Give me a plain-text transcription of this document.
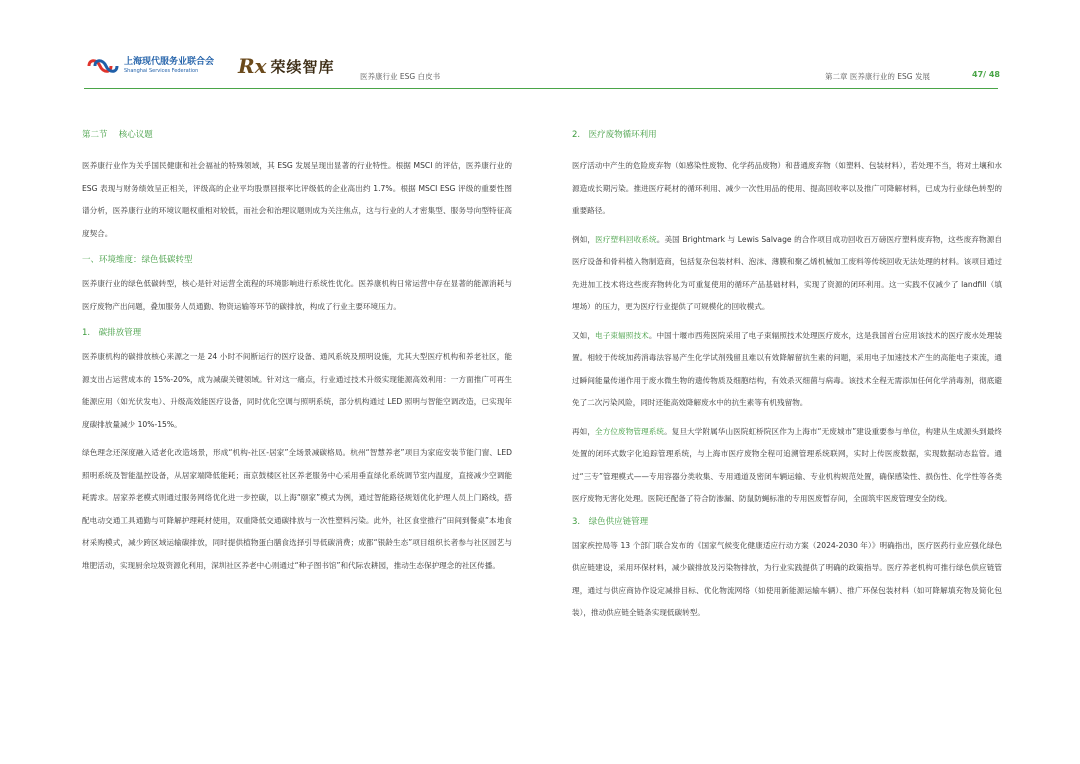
上海现代服务业联合会
Shanghai Services Federation	Rx 荣续智库
医养康行业 ESG 白皮书	第二章 医养康行业的 ESG 发展	47/ 48
第二节　 核心议题

医养康行业作为关乎国民健康和社会福祉的特殊领域，其 ESG 发展呈现出显著的行业特性。根据 MSCI 的评估，医养康行业的 ESG 表现与财务绩效呈正相关，评级高的企业平均股票回报率比评级低的企业高出约 1.7%。根据 MSCI ESG 评级的重要性图谱分析，医养康行业的环境议题权重相对较低，而社会和治理议题则成为关注焦点，这与行业的人才密集型、服务导向型特征高度契合。

一、环境维度：绿色低碳转型

医养康行业的绿色低碳转型，核心是针对运营全流程的环境影响进行系统性优化。医养康机构日常运营中存在显著的能源消耗与医疗废物产出问题，叠加服务人员通勤、物资运输等环节的碳排放，构成了行业主要环境压力。

1.　碳排放管理

医养康机构的碳排放核心来源之一是 24 小时不间断运行的医疗设备、通风系统及照明设施，尤其大型医疗机构和养老社区，能源支出占运营成本的 15%-20%，成为减碳关键领域。针对这一痛点，行业通过技术升级实现能源高效利用：一方面推广可再生能源应用（如光伏发电）、升级高效能医疗设备，同时优化空调与照明系统，部分机构通过 LED 照明与智能空调改造，已实现年度碳排放量减少 10%-15%。

绿色理念还深度融入适老化改造场景，形成“机构-社区-居家”全场景减碳格局。杭州“智慧养老”项目为家庭安装节能门窗、LED 照明系统及智能温控设备，从居家端降低能耗；南京鼓楼区社区养老服务中心采用垂直绿化系统调节室内温度，直接减少空调能耗需求。居家养老模式则通过服务网络优化进一步控碳，以上海“颐家”模式为例，通过智能路径规划优化护理人员上门路线，搭配电动交通工具通勤与可降解护理耗材使用，双重降低交通碳排放与一次性塑料污染。此外，社区食堂推行“田间到餐桌”本地食材采购模式，减少跨区域运输碳排放，同时提供植物蛋白膳食选择引导低碳消费；成都“银龄生态”项目组织长者参与社区园艺与堆肥活动，实现厨余垃圾资源化利用，深圳社区养老中心则通过“种子图书馆”和代际农耕园，推动生态保护理念的社区传播。

2.　医疗废物循环利用

医疗活动中产生的危险废弃物（如感染性废物、化学药品废物）和普通废弃物（如塑料、包装材料），若处理不当，将对土壤和水源造成长期污染。推进医疗耗材的循环利用、减少一次性用品的使用、提高回收率以及推广可降解材料，已成为行业绿色转型的重要路径。

例如，医疗塑料回收系统。美国 Brightmark 与 Lewis Salvage 的合作项目成功回收百万磅医疗塑料废弃物，这些废弃物源自医疗设备和骨科植入物制造商，包括复杂包装材料、泡沫、薄膜和聚乙烯机械加工废料等传统回收无法处理的材料。该项目通过先进加工技术将这些废弃物转化为可重复使用的循环产品基础材料，实现了资源的闭环利用。这一实践不仅减少了 landfill（填埋场）的压力，更为医疗行业提供了可规模化的回收模式。

又如，电子束辐照技术。中国十堰市西苑医院采用了电子束辐照技术处理医疗废水，这是我国首台应用该技术的医疗废水处理装置。相较于传统加药消毒法容易产生化学试剂残留且难以有效降解留抗生素的问题，采用电子加速技术产生的高能电子束流，通过瞬间能量传递作用于废水微生物的遗传物质及细胞结构，有效杀灭细菌与病毒。该技术全程无需添加任何化学消毒剂，彻底避免了二次污染风险，同时还能高效降解废水中的抗生素等有机残留物。

再如，全方位废物管理系统。复旦大学附属华山医院虹桥院区作为上海市“无废城市”建设重要参与单位，构建从生成源头到最终处置的闭环式数字化追踪管理系统，与上海市医疗废物全程可追溯管理系统联网，实时上传医废数据，实现数据动态监管。通过“三专”管理模式——专用容器分类收集、专用通道及密闭车辆运输、专业机构规范处置，确保感染性、损伤性、化学性等各类医疗废物无害化处理。医院还配备了符合防渗漏、防鼠防蝇标准的专用医废暂存间，全面筑牢医废管理安全防线。

3.　绿色供应链管理

国家疾控局等 13 个部门联合发布的《国家气候变化健康适应行动方案（2024-2030 年）》明确指出，医疗医药行业应强化绿色供应链建设，采用环保材料，减少碳排放及污染物排放，为行业实践提供了明确的政策指导。医疗养老机构可推行绿色供应链管理，通过与供应商协作设定减排目标、优化物流网络（如使用新能源运输车辆）、推广环保包装材料（如可降解填充物及简化包装），推动供应链全链条实现低碳转型。
